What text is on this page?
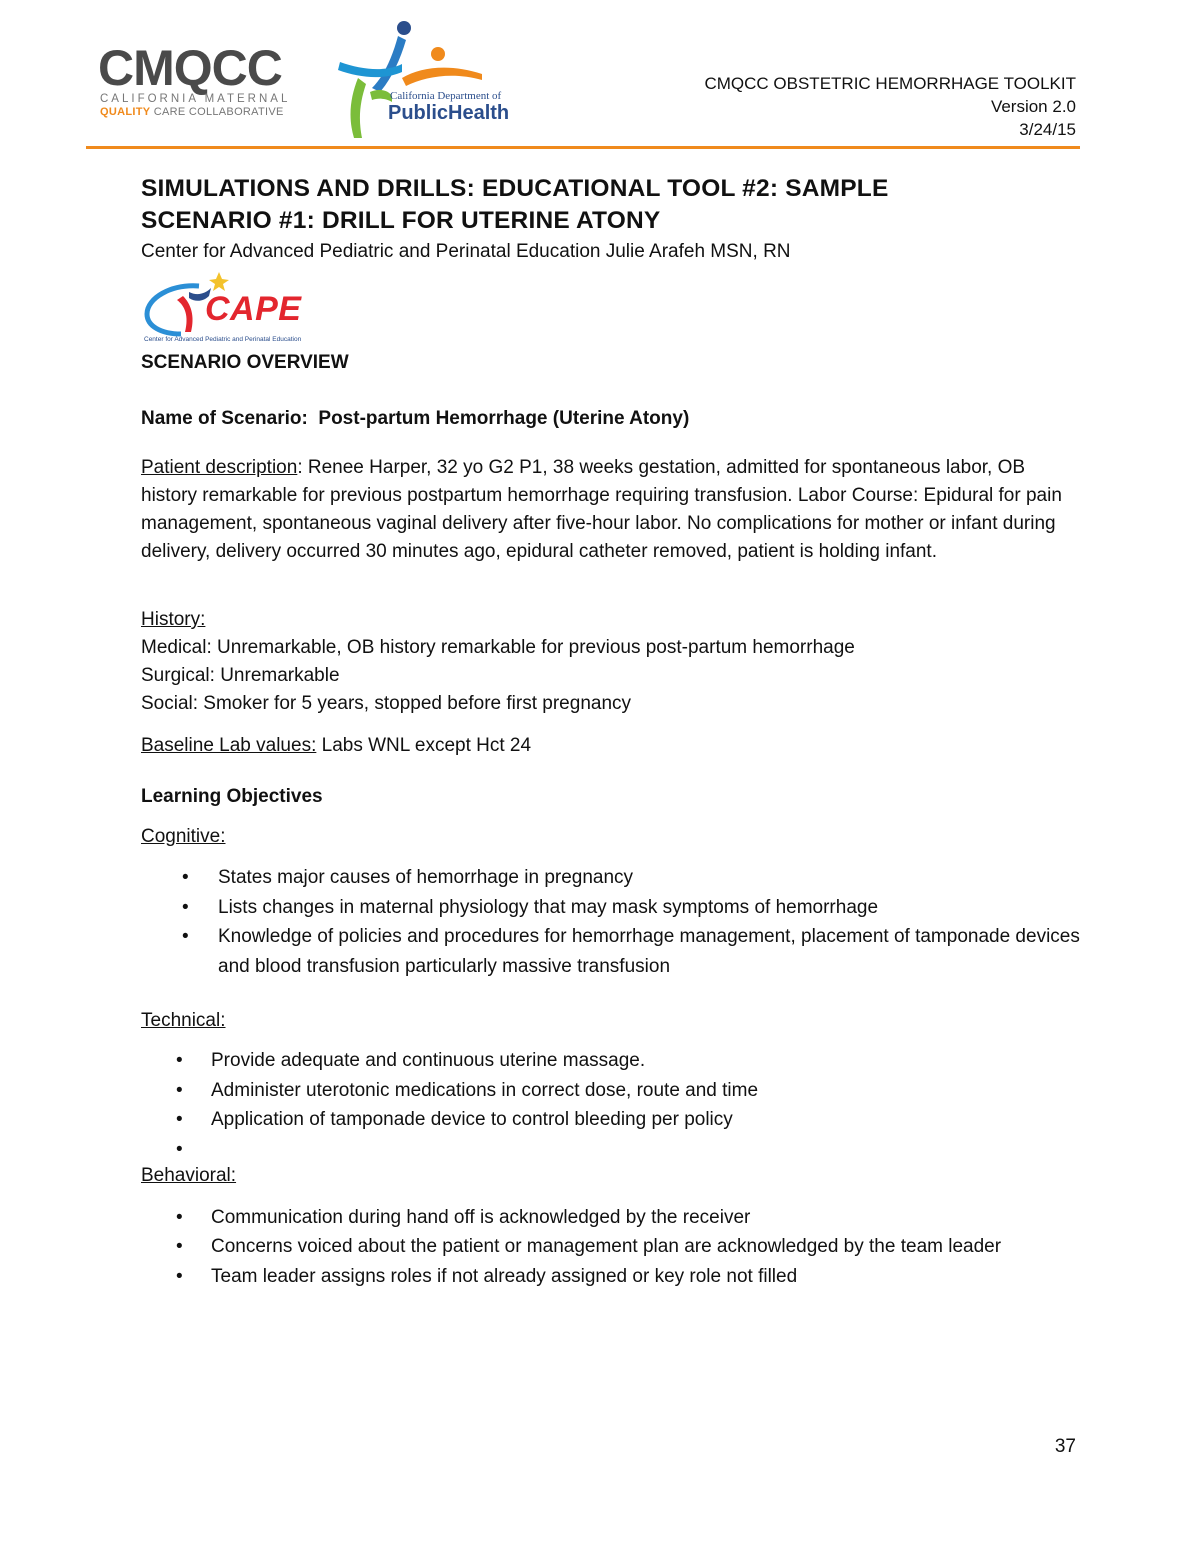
CMQCC
CALIFORNIA MATERNAL
QUALITY CARE COLLABORATIVE
California Department of
PublicHealth
CMQCC OBSTETRIC HEMORRHAGE TOOLKIT
Version 2.0
3/24/15
SIMULATIONS AND DRILLS: EDUCATIONAL TOOL #2: SAMPLE
SCENARIO #1: DRILL FOR UTERINE ATONY
Center for Advanced Pediatric and Perinatal Education Julie Arafeh MSN, RN
CAPE
Center for Advanced Pediatric and Perinatal Education
SCENARIO OVERVIEW
Name of Scenario:  Post-partum Hemorrhage (Uterine Atony)
Patient description: Renee Harper, 32 yo G2 P1, 38 weeks gestation, admitted for spontaneous labor, OB history remarkable for previous postpartum hemorrhage requiring transfusion. Labor Course: Epidural for pain management, spontaneous vaginal delivery after five-hour labor. No complications for mother or infant during delivery, delivery occurred 30 minutes ago, epidural catheter removed, patient is holding infant.
History:
Medical: Unremarkable, OB history remarkable for previous post-partum hemorrhage
Surgical: Unremarkable
Social: Smoker for 5 years, stopped before first pregnancy
Baseline Lab values: Labs WNL except Hct 24
Learning Objectives
Cognitive:
• States major causes of hemorrhage in pregnancy
• Lists changes in maternal physiology that may mask symptoms of hemorrhage
• Knowledge of policies and procedures for hemorrhage management, placement of tamponade devices and blood transfusion particularly massive transfusion
Technical:
• Provide adequate and continuous uterine massage.
• Administer uterotonic medications in correct dose, route and time
• Application of tamponade device to control bleeding per policy
•
Behavioral:
• Communication during hand off is acknowledged by the receiver
• Concerns voiced about the patient or management plan are acknowledged by the team leader
• Team leader assigns roles if not already assigned or key role not filled
37
